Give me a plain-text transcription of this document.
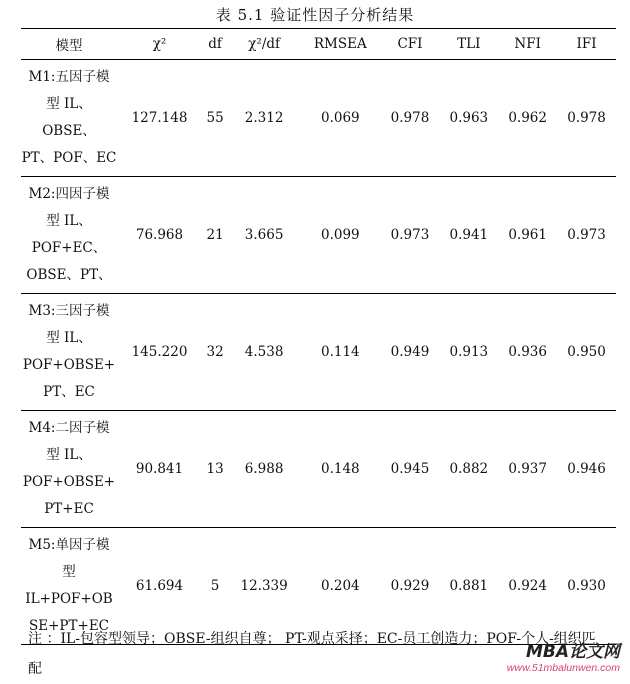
表 5.1 验证性因子分析结果
模型	χ²	df	χ²/df	RMSEA	CFI	TLI	NFI	IFI

M1:五因子模
型 IL、OBSE、
PT、POF、EC	127.148	55	2.312	0.069	0.978	0.963	0.962	0.978

M2:四因子模
型 IL、
POF+EC、
OBSE、PT、	76.968	21	3.665	0.099	0.973	0.941	0.961	0.973

M3:三因子模
型 IL、
POF+OBSE+
PT、EC	145.220	32	4.538	0.114	0.949	0.913	0.936	0.950

M4:二因子模
型 IL、
POF+OBSE+
PT+EC	90.841	13	6.988	0.148	0.945	0.882	0.937	0.946

M5:单因子模
型
IL+POF+OB
SE+PT+EC	61.694	5	12.339	0.204	0.929	0.881	0.924	0.930
注 ：IL-包容型领导；OBSE-组织自尊； PT-观点采择；EC-员工创造力；POF-个人-组织匹配
MBA论文网
www.51mbalunwen.com
